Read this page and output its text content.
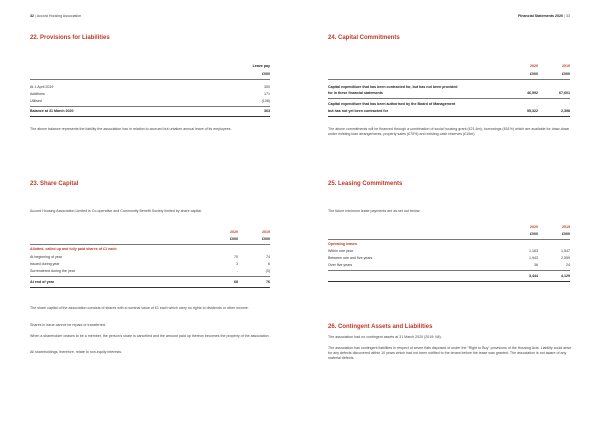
32 | Accord Housing Association
22. Provisions for Liabilities
Leave pay
£000
At 1 April 2019	300
Additions	171
Utilised	(108)
Balance at 31 March 2020	363
The above balance represents the liability the association has in relation to accrued but untaken annual leave of its employees.
23. Share Capital
Accord Housing Association Limited is Co-operative and Community Benefit Society limited by share capital.
2020	2019
£000	£000
Allotted, called up and fully paid shares of £1 each:
At beginning of year	70	74
Issued during year	3	6
Surrendered during the year	-	(3)
At end of year	68	76
The share capital of the association consists of shares with a nominal value of £1 each which carry no rights to dividends or other income.
Shares in issue cannot be repaid or transferred.
When a shareholder ceases to be a member, the person's share is cancelled and the amount paid up thereon becomes the property of the association.
All shareholdings, therefore, relate to non-equity interests.
Financial Statements 2020 | 33
24. Capital Commitments
2020	2019
£000	£000
Capital expenditure that has been contracted for, but has not been provided
for in these financial statements	46,592	67,601
Capital expenditure that has been authorised by the Board of Management
but has not yet been contracted for	55,322	2,398
The above commitments will be financed through a combination of social housing grant (£21.6m), borrowings (£61%) which are available for draw-down under existing loan arrangements, property sales (£75%) and existing cash reserves (£15m).
25. Leasing Commitments
The future minimum lease payments are as set out below:
2020	2019
£000	£000
Operating leases
Within one year	1,163	1,547
Between one and five years	1,943	2,559
Over five years	36	24
3,444	4,129
26. Contingent Assets and Liabilities
The association had no contingent assets at 31 March 2020 (2019: Nil).
The association has contingent liabilities in respect of seven flats disposed of under the "Right to Buy" provisions of the Housing Acts. Liability could arise for any defects discovered within 10 years which had not been notified to the tenant before the lease was granted. The association is not aware of any material defects.
